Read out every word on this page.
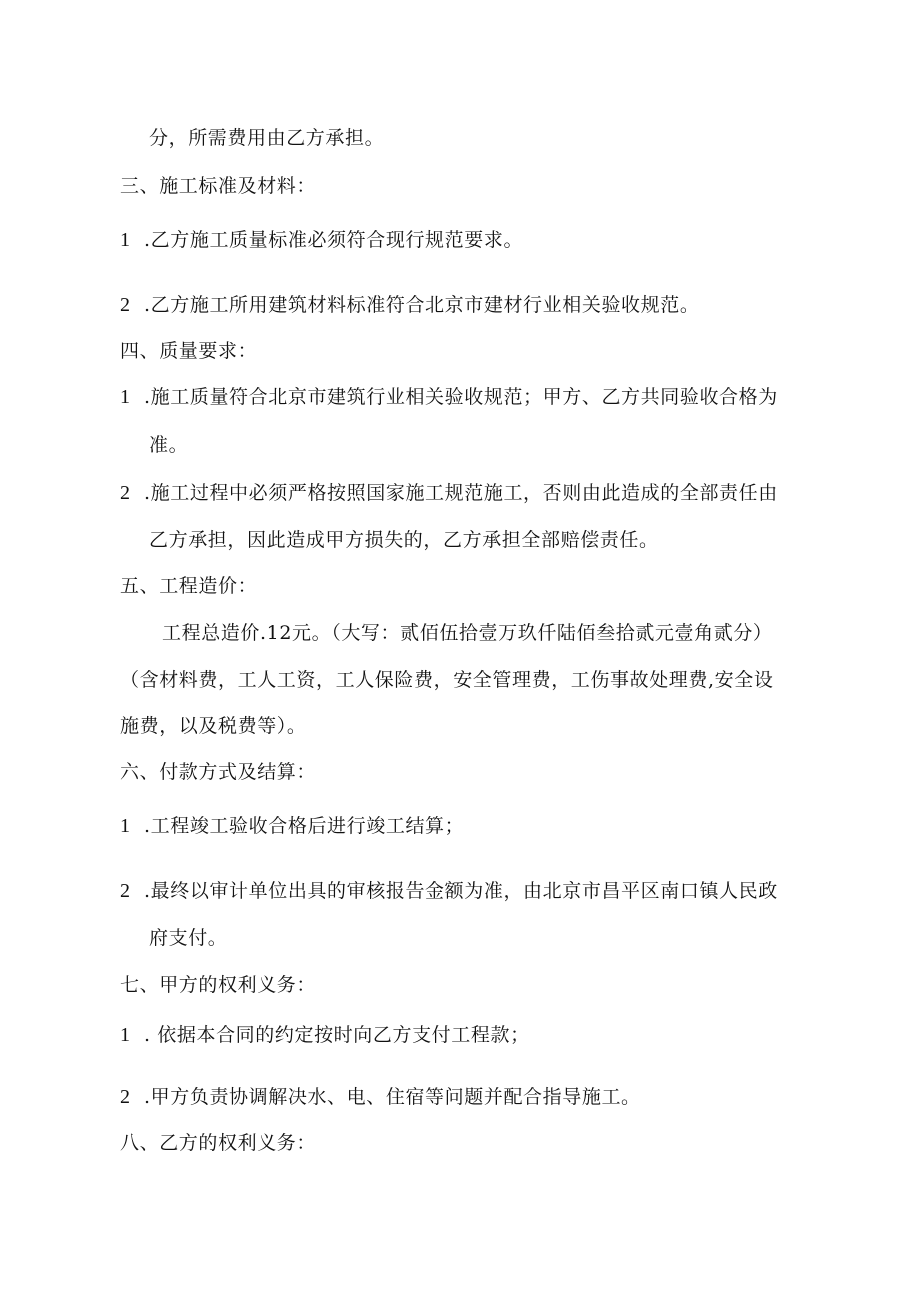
分，所需费用由乙方承担。
三、施工标准及材料：
1 .乙方施工质量标准必须符合现行规范要求。
2 .乙方施工所用建筑材料标准符合北京市建材行业相关验收规范。
四、质量要求：
1 .施工质量符合北京市建筑行业相关验收规范；甲方、乙方共同验收合格为
准。
2 .施工过程中必须严格按照国家施工规范施工，否则由此造成的全部责任由
乙方承担，因此造成甲方损失的，乙方承担全部赔偿责任。
五、工程造价：
工程总造价.12元。（大写：贰佰伍拾壹万玖仟陆佰叁拾贰元壹角贰分）
（含材料费，工人工资，工人保险费，安全管理费，工伤事故处理费,安全设
施费，以及税费等）。
六、付款方式及结算：
1 .工程竣工验收合格后进行竣工结算；
2 .最终以审计单位出具的审核报告金额为准，由北京市昌平区南口镇人民政
府支付。
七、甲方的权利义务：
1 . 依据本合同的约定按时向乙方支付工程款；
2 .甲方负责协调解决水、电、住宿等问题并配合指导施工。
八、乙方的权利义务：
